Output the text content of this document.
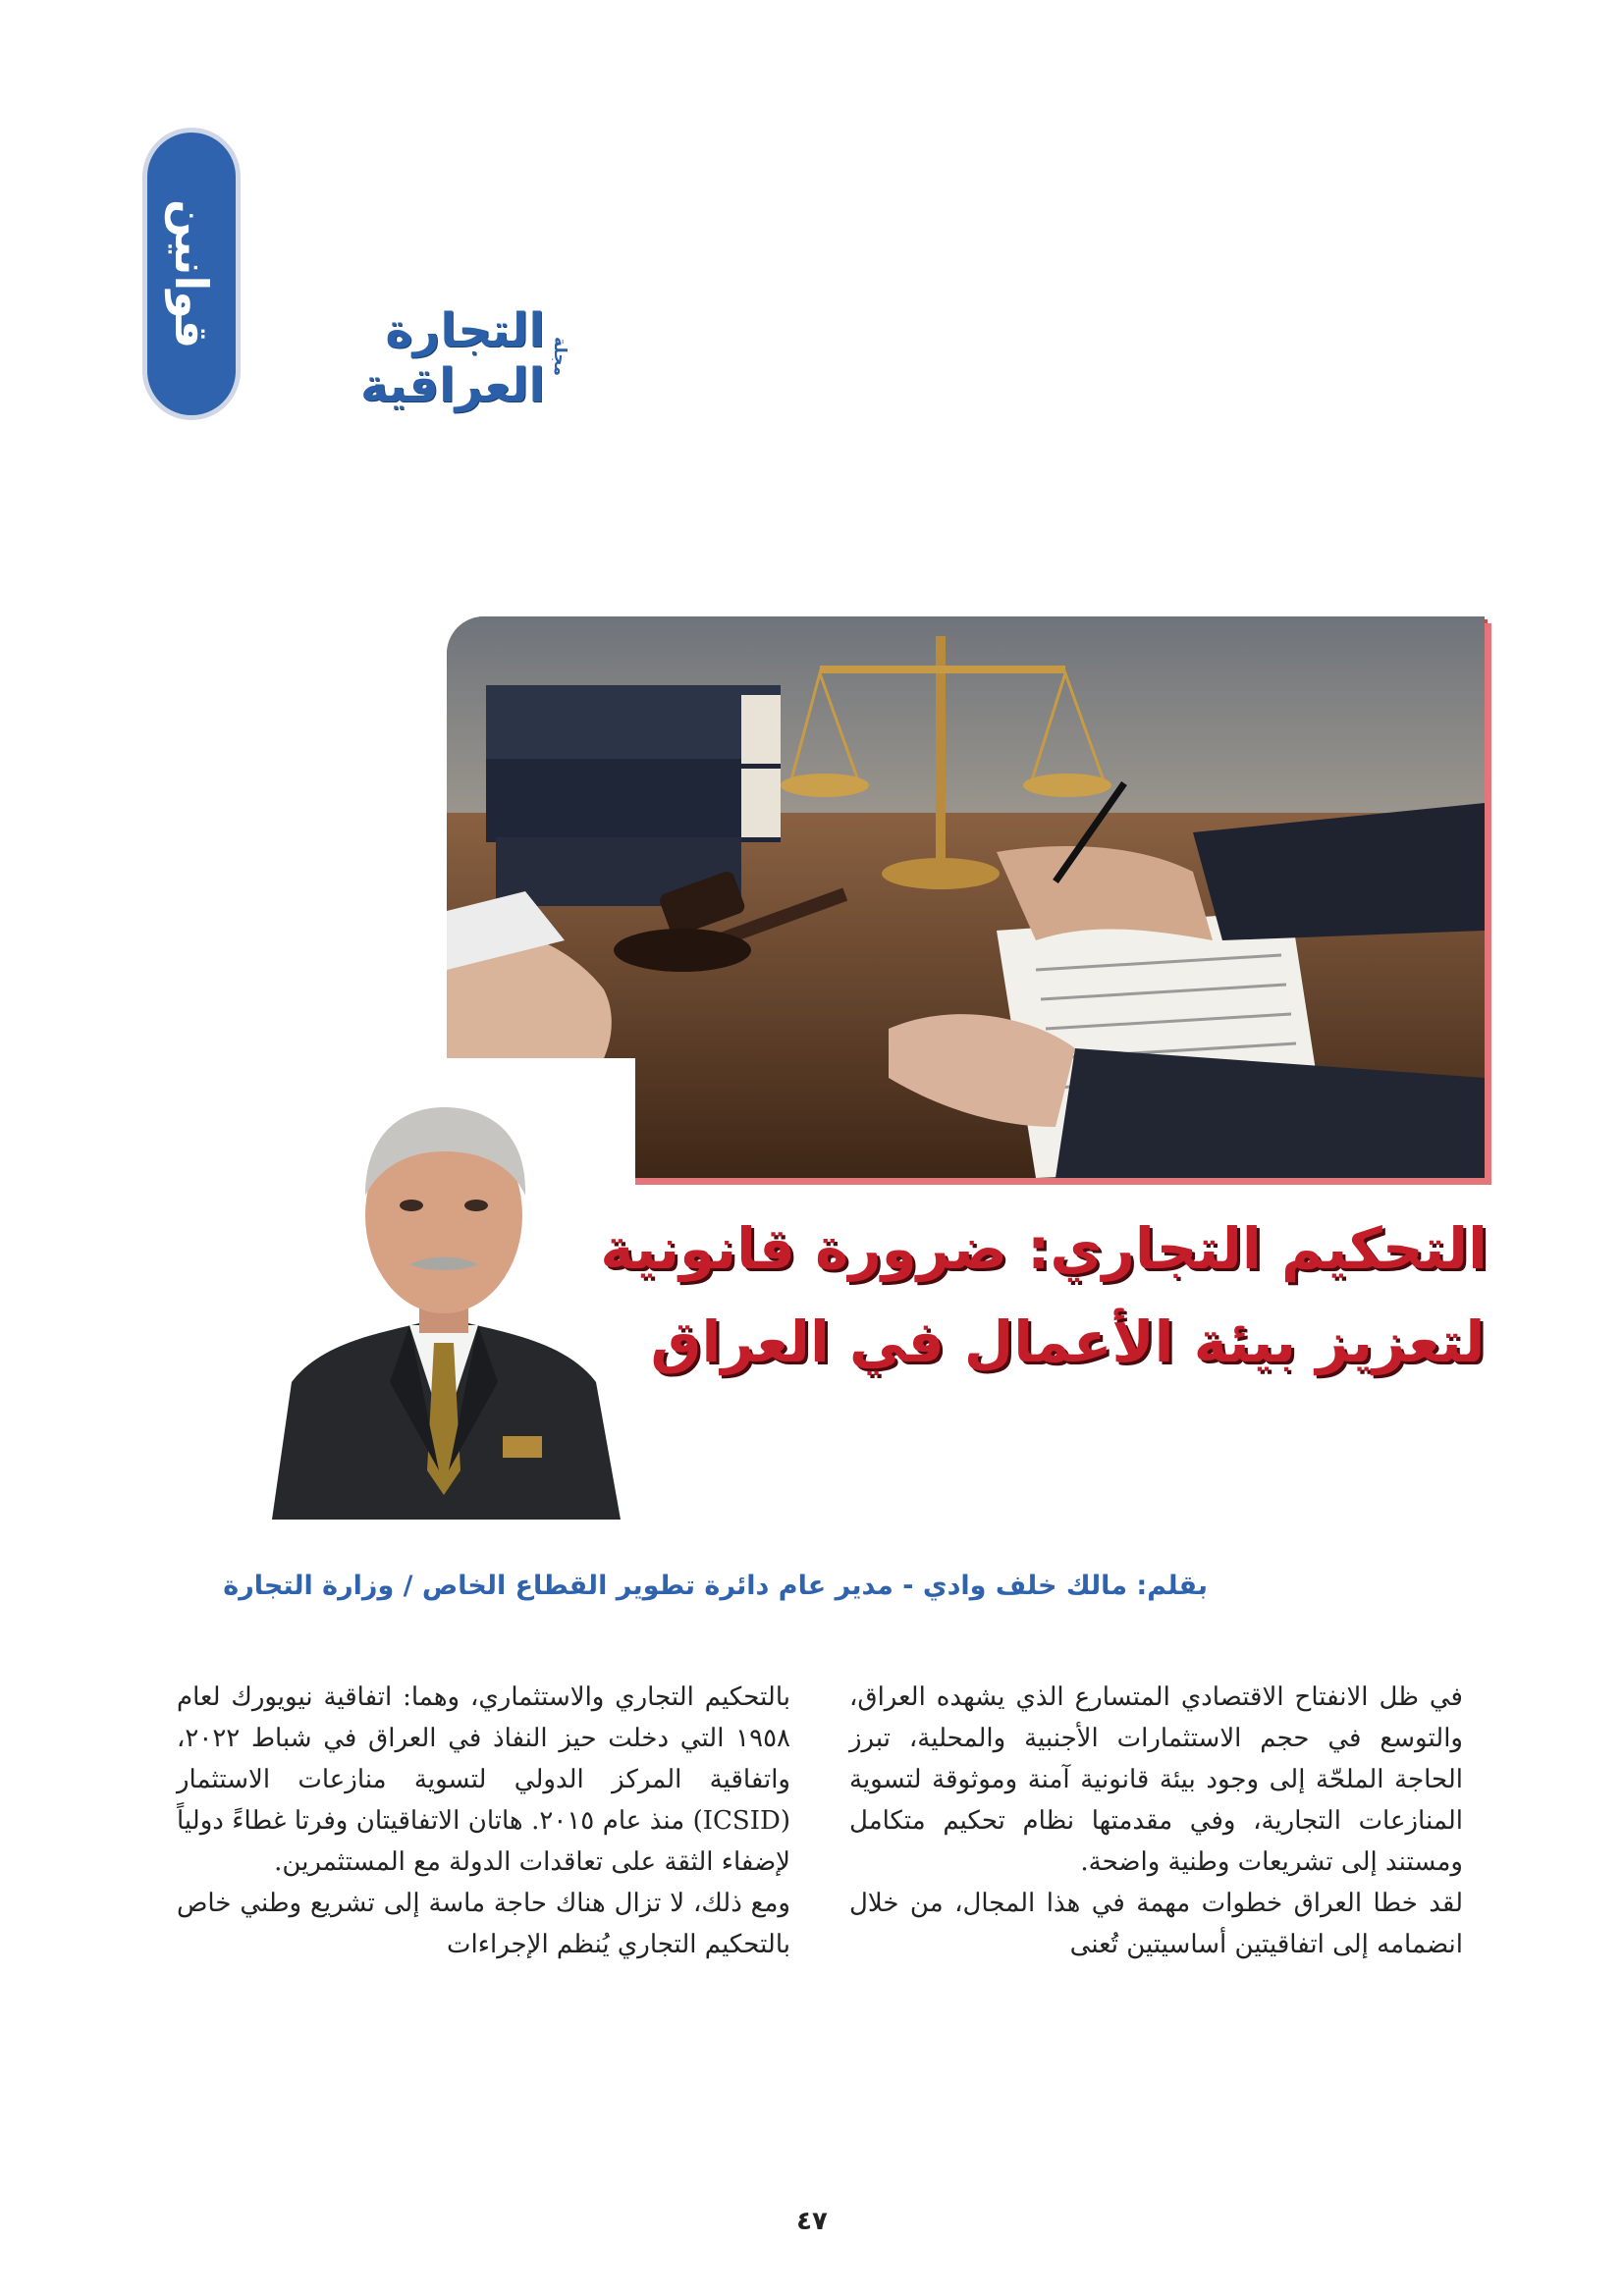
قوانين	التجارة العراقية
مجلة
التحكيم التجاري: ضرورة قانونية
لتعزيز بيئة الأعمال في العراق
بقلم: مالك خلف وادي - مدير عام دائرة تطوير القطاع الخاص / وزارة التجارة

في ظل الانفتاح الاقتصادي المتسارع الذي يشهده العراق، والتوسع في حجم الاستثمارات الأجنبية والمحلية، تبرز الحاجة الملحّة إلى وجود بيئة قانونية آمنة وموثوقة لتسوية المنازعات التجارية، وفي مقدمتها نظام تحكيم متكامل ومستند إلى تشريعات وطنية واضحة.

لقد خطا العراق خطوات مهمة في هذا المجال، من خلال انضمامه إلى اتفاقيتين أساسيتين تُعنى

بالتحكيم التجاري والاستثماري، وهما: اتفاقية نيويورك لعام ١٩٥٨ التي دخلت حيز النفاذ في العراق في شباط ٢٠٢٢، واتفاقية المركز الدولي لتسوية منازعات الاستثمار (ICSID) منذ عام ٢٠١٥. هاتان الاتفاقيتان وفرتا غطاءً دولياً لإضفاء الثقة على تعاقدات الدولة مع المستثمرين.

ومع ذلك، لا تزال هناك حاجة ماسة إلى تشريع وطني خاص بالتحكيم التجاري يُنظم الإجراءات

٤٧
